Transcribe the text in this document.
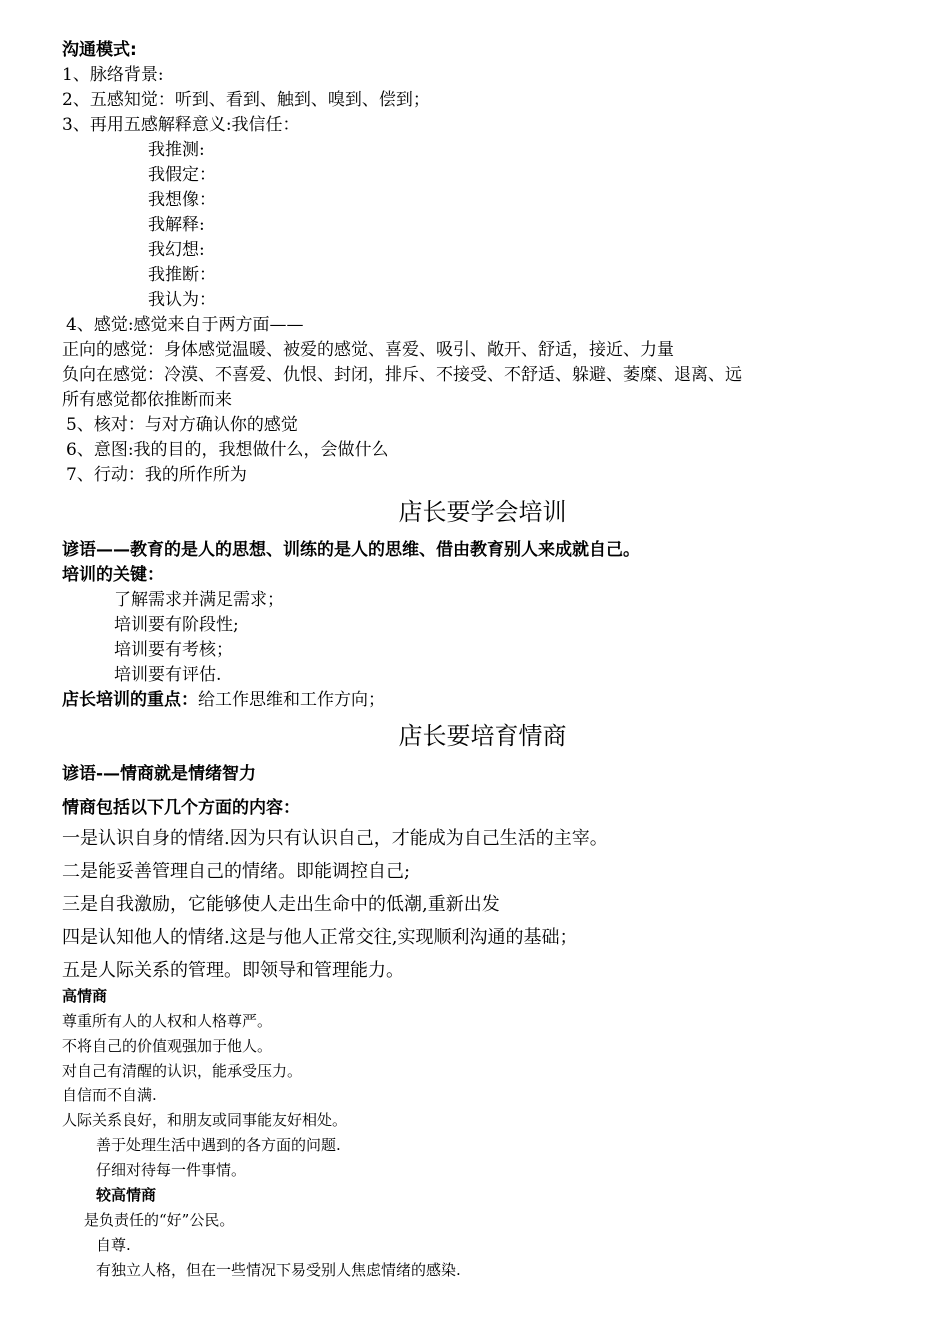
沟通模式:
1、脉络背景:
2、五感知觉：听到、看到、触到、嗅到、偿到；
3、再用五感解释意义:我信任：
我推测:
我假定：
我想像：
我解释:
我幻想:
我推断：
我认为：
4、感觉:感觉来自于两方面——
正向的感觉：身体感觉温暖、被爱的感觉、喜爱、吸引、敞开、舒适，接近、力量
负向在感觉：冷漠、不喜爱、仇恨、封闭，排斥、不接受、不舒适、躲避、萎糜、退离、远
所有感觉都依推断而来
5、核对：与对方确认你的感觉
6、意图:我的目的，我想做什么，会做什么
7、行动：我的所作所为
店长要学会培训
谚语——教育的是人的思想、训练的是人的思维、借由教育别人来成就自己。
培训的关键：
了解需求并满足需求；
培训要有阶段性;
培训要有考核；
培训要有评估.
店长培训的重点：给工作思维和工作方向；
店长要培育情商
谚语-—情商就是情绪智力
情商包括以下几个方面的内容：
一是认识自身的情绪.因为只有认识自己，才能成为自己生活的主宰。
二是能妥善管理自己的情绪。即能调控自己;
三是自我激励，它能够使人走出生命中的低潮,重新出发
四是认知他人的情绪.这是与他人正常交往,实现顺利沟通的基础；
五是人际关系的管理。即领导和管理能力。
高情商
尊重所有人的人权和人格尊严。
不将自己的价值观强加于他人。
对自己有清醒的认识，能承受压力。
自信而不自满.
人际关系良好，和朋友或同事能友好相处。
善于处理生活中遇到的各方面的问题.
仔细对待每一件事情。
较高情商
是负责任的“好”公民。
自尊.
有独立人格，但在一些情况下易受别人焦虑情绪的感染.
